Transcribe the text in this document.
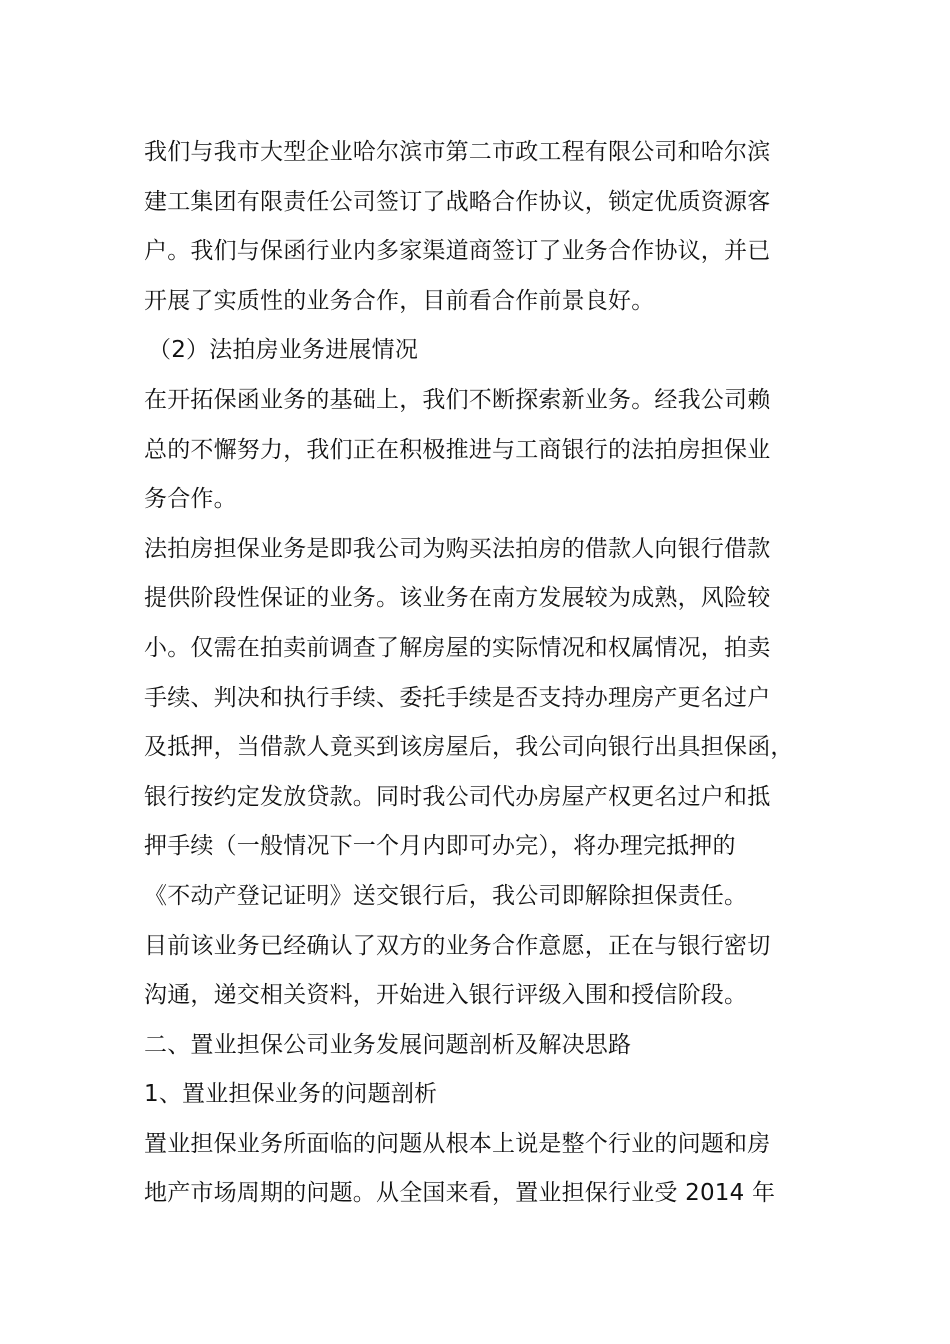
我们与我市大型企业哈尔滨市第二市政工程有限公司和哈尔滨
建工集团有限责任公司签订了战略合作协议，锁定优质资源客
户。我们与保函行业内多家渠道商签订了业务合作协议，并已
开展了实质性的业务合作，目前看合作前景良好。
（2）法拍房业务进展情况
在开拓保函业务的基础上，我们不断探索新业务。经我公司赖
总的不懈努力，我们正在积极推进与工商银行的法拍房担保业
务合作。
法拍房担保业务是即我公司为购买法拍房的借款人向银行借款
提供阶段性保证的业务。该业务在南方发展较为成熟，风险较
小。仅需在拍卖前调查了解房屋的实际情况和权属情况，拍卖
手续、判决和执行手续、委托手续是否支持办理房产更名过户
及抵押，当借款人竟买到该房屋后，我公司向银行出具担保函，
银行按约定发放贷款。同时我公司代办房屋产权更名过户和抵
押手续（一般情况下一个月内即可办完），将办理完抵押的
《不动产登记证明》送交银行后，我公司即解除担保责任。
目前该业务已经确认了双方的业务合作意愿，正在与银行密切
沟通，递交相关资料，开始进入银行评级入围和授信阶段。
二、置业担保公司业务发展问题剖析及解决思路
1、置业担保业务的问题剖析
置业担保业务所面临的问题从根本上说是整个行业的问题和房
地产市场周期的问题。从全国来看，置业担保行业受 2014 年
